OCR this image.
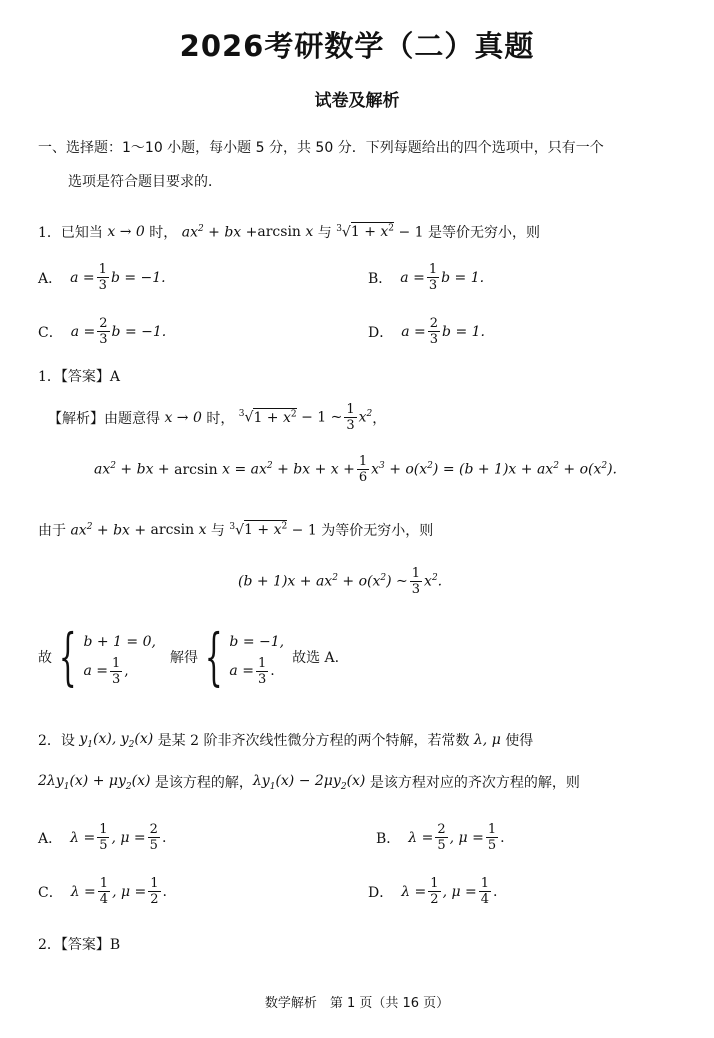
2026考研数学（二）真题
试卷及解析
一、选择题：1～10 小题，每小题 5 分，共 50 分．下列每题给出的四个选项中，只有一个
选项是符合题目要求的．
1．已知当 x → 0 时， $ax^2$ + bx + arcsin x 与 $^3√1 + x^2 - 1$ 是等价无穷小，则
A． $a = \frac{1}{3}$ b = −1.	B． $a = \frac{1}{3}$ b = 1.
C． $a = \frac{2}{3}$ b = −1.	D． $a = \frac{2}{3}$ b = 1.
1．【答案】A
【解析】 由题意得 x → 0 时， $^3√1 + x^2 - 1$ ~ $\frac{1}{3} x^2$ ，
$ax^2$ + bx + $\arcsin x = ax^2$ + bx + $x + \frac{1}{6} x^3 + o(x^2) = (b + 1)x + ax^2 + o(x^2)$.
由于 $ax^2$ + bx + arcsin x 与 $^3√1 + x^2 - 1$ 为等价无穷小，则
$(b + 1)x + ax^2 + o(x^2)$ ~ $\frac{1}{3} x^2$.
故 { b + 1 = 0,
$a = \frac{1}{3}$ ,
解得 { b = −1,
$a = \frac{1}{3}$ .
故选 A.
2．设 $y_1(x)$, $y_2(x)$ 是某 2 阶非齐次线性微分方程的两个特解，若常数 λ, μ 使得
$2\lambda y_1(x) + \mu y_2(x)$ 是该方程的解， $\lambda y_1(x) - 2\mu y_2(x)$ 是该方程对应的齐次方程的解，则
A． $\lambda = \frac{1}{5}$ , $\mu = \frac{2}{5}$ .	B． $\lambda = \frac{2}{5}$ , $\mu = \frac{1}{5}$ .
C． $\lambda = \frac{1}{4}$ , $\mu = \frac{1}{2}$ .	D． $\lambda = \frac{1}{2}$ , $\mu = \frac{1}{4}$ .
2．【答案】B
数学解析　第 1 页（共 16 页）
